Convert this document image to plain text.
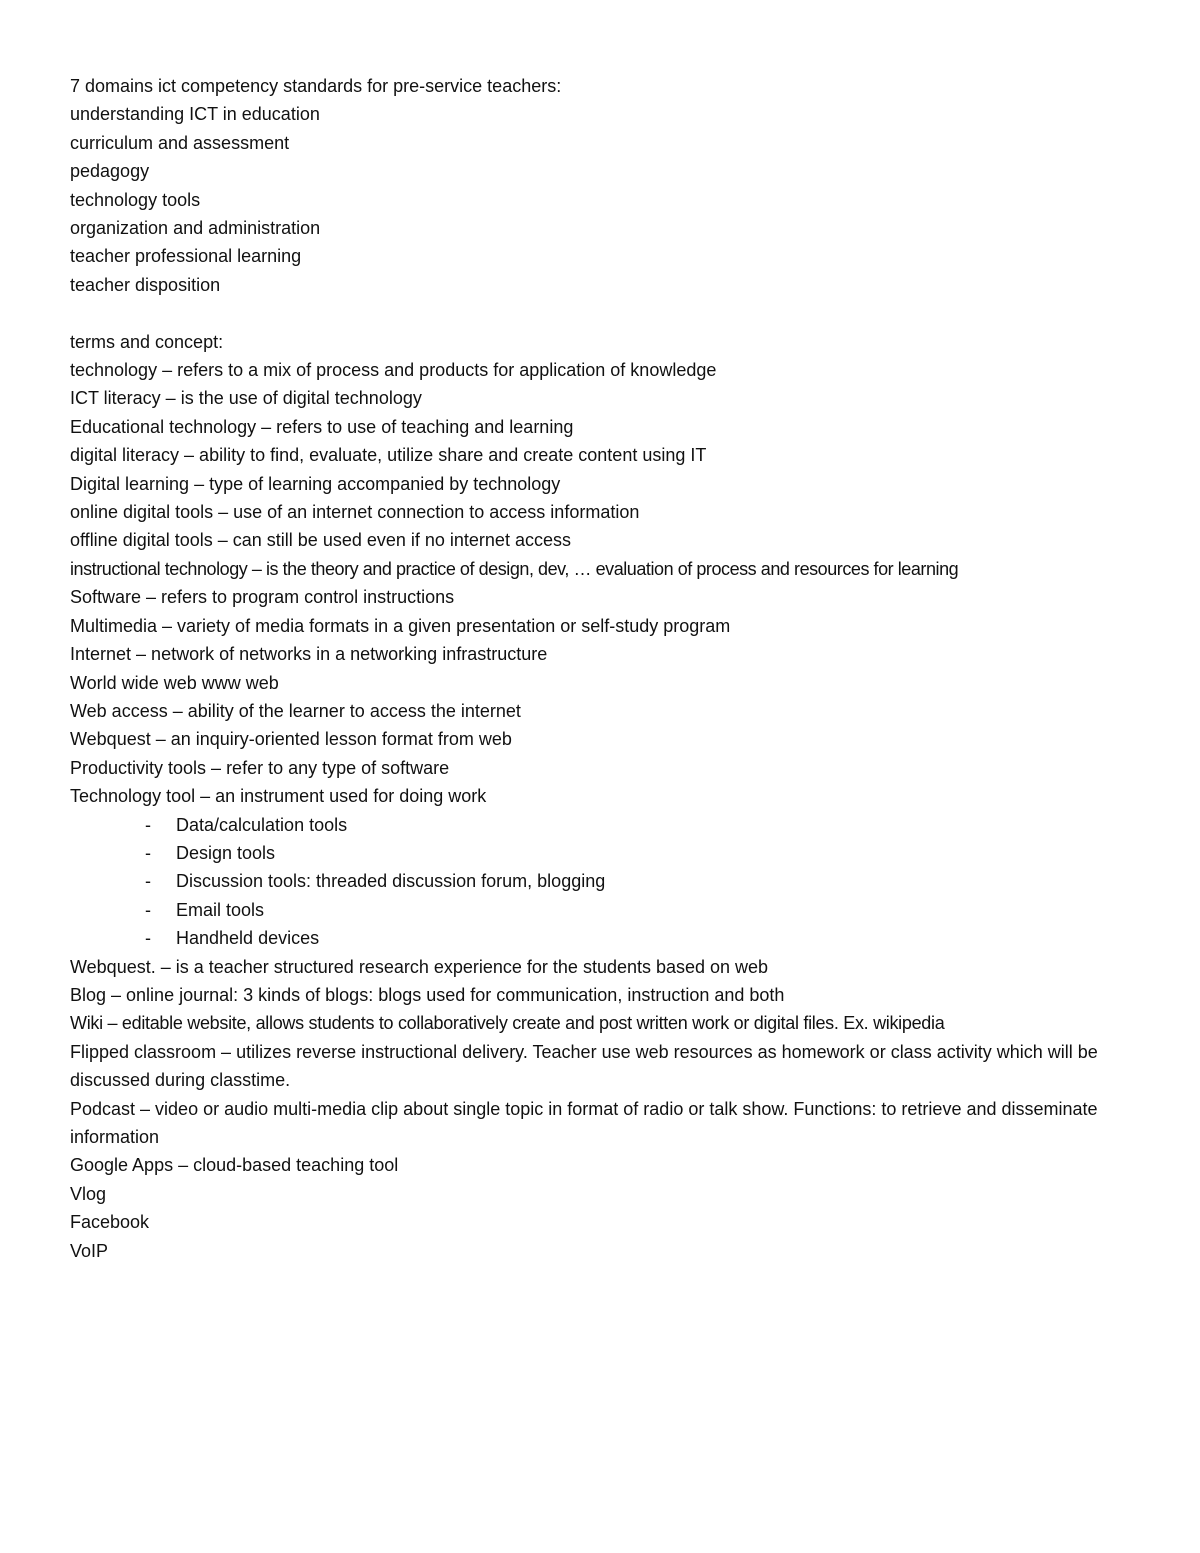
7 domains ict competency standards for pre-service teachers:

understanding ICT in education

curriculum and assessment

pedagogy

technology tools

organization and administration

teacher professional learning

teacher disposition

terms and concept:

technology – refers to a mix of process and products for application of knowledge

ICT literacy – is the use of digital technology

Educational technology – refers to use of teaching and learning

digital literacy – ability to find, evaluate, utilize share and create content using IT

Digital learning – type of learning accompanied by technology

online digital tools – use of an internet connection to access information

offline digital tools – can still be used even if no internet access

instructional technology – is the theory and practice of design, dev, … evaluation of process and resources for learning

Software – refers to program control instructions

Multimedia – variety of media formats in a given presentation or self-study program

Internet – network of networks in a networking infrastructure

World wide web www web

Web access – ability of the learner to access the internet

Webquest – an inquiry-oriented lesson format from web

Productivity tools – refer to any type of software

Technology tool – an instrument used for doing work

-	Data/calculation tools
-	Design tools
-	Discussion tools: threaded discussion forum, blogging
-	Email tools
-	Handheld devices

Webquest. – is a teacher structured research experience for the students based on web

Blog – online journal: 3 kinds of blogs: blogs used for communication, instruction and both

Wiki – editable website, allows students to collaboratively create and post written work or digital files. Ex. wikipedia

Flipped classroom – utilizes reverse instructional delivery. Teacher use web resources as homework or class activity which will be discussed during classtime.

Podcast – video or audio multi-media clip about single topic in format of radio or talk show. Functions: to retrieve and disseminate information

Google Apps – cloud-based teaching tool

Vlog

Facebook

VoIP
